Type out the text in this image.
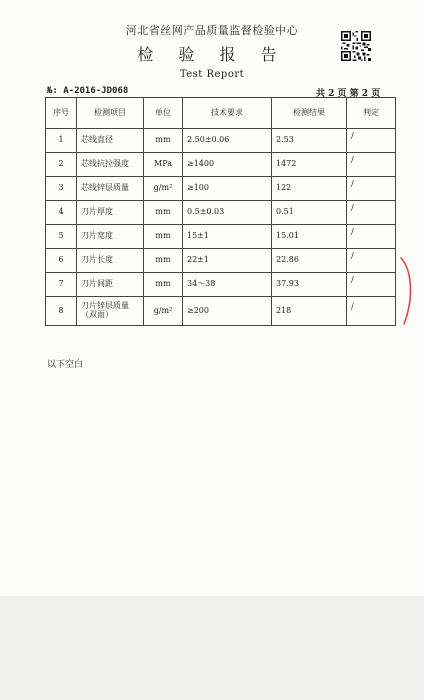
河北省丝网产品质量监督检验中心
检 验 报 告
Test Report
№: A-2016-JD068	共 2 页 第 2 页
序号	检测项目	单位	技术要求	检测结果	判定
1	芯线直径	mm	2.50±0.06	2.53	/
2	芯线抗拉强度	MPa	≥1400	1472	/
3	芯线锌层质量	g/m²	≥100	122	/
4	刀片厚度	mm	0.5±0.03	0.51	/
5	刀片宽度	mm	15±1	15.01	/
6	刀片长度	mm	22±1	22.86	/
7	刀片间距	mm	34～38	37.93	/
8	刀片锌层质量（双面）	g/m²	≥200	218	/
以下空白
